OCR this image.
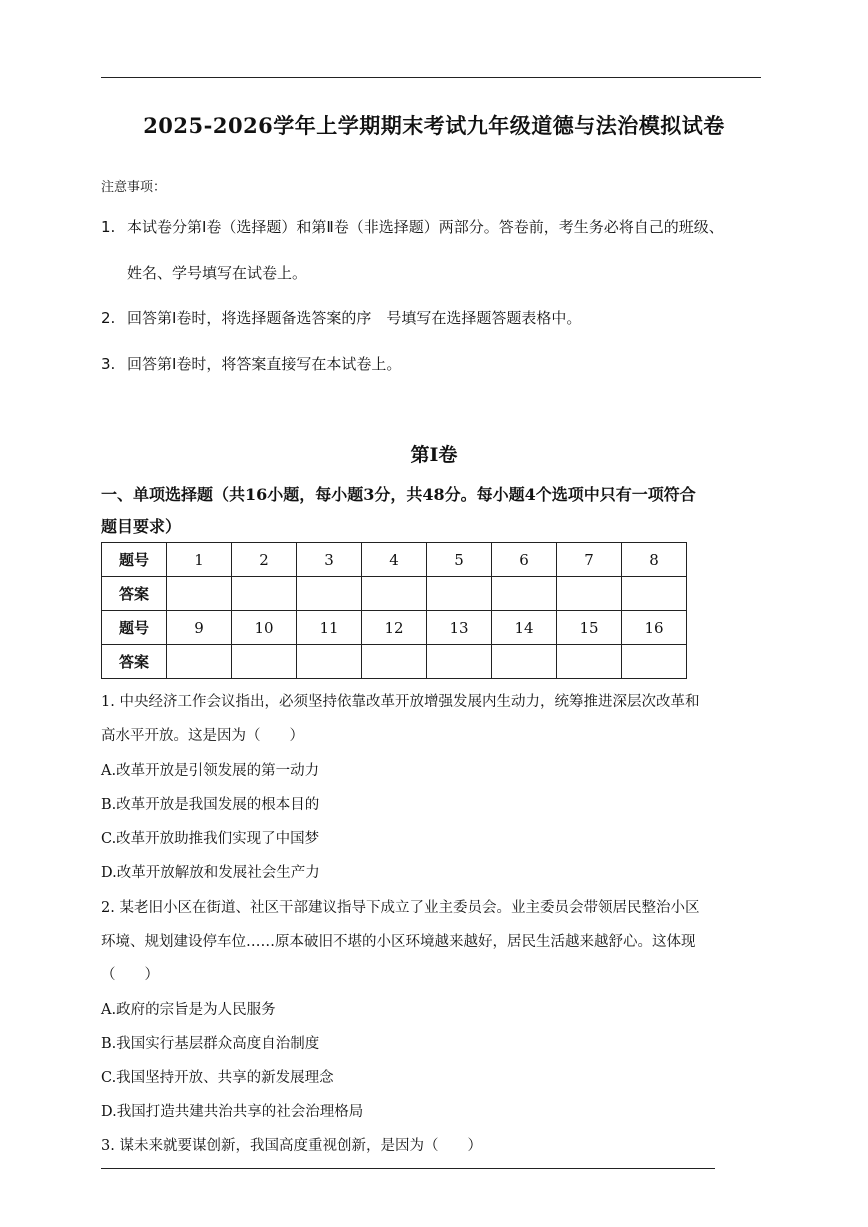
2025-2026学年上学期期末考试九年级道德与法治模拟试卷
注意事项：
1. 本试卷分第Ⅰ卷（选择题）和第Ⅱ卷（非选择题）两部分。答卷前，考生务必将自己的班级、
姓名、学号填写在试卷上。
2. 回答第Ⅰ卷时，将选择题备选答案的序　号填写在选择题答题表格中。
3. 回答第Ⅰ卷时，将答案直接写在本试卷上。
第Ⅰ卷
一、单项选择题（共16小题，每小题3分，共48分。每小题4个选项中只有一项符合
题目要求）
题号	1	2	3	4	5	6	7	8
答案								
题号	9	10	11	12	13	14	15	16
答案								
1. 中央经济工作会议指出，必须坚持依靠改革开放增强发展内生动力，统筹推进深层次改革和
高水平开放。这是因为（　　）
A.改革开放是引领发展的第一动力
B.改革开放是我国发展的根本目的
C.改革开放助推我们实现了中国梦
D.改革开放解放和发展社会生产力
2. 某老旧小区在街道、社区干部建议指导下成立了业主委员会。业主委员会带领居民整治小区
环境、规划建设停车位……原本破旧不堪的小区环境越来越好，居民生活越来越舒心。这体现
（　　）
A.政府的宗旨是为人民服务
B.我国实行基层群众高度自治制度
C.我国坚持开放、共享的新发展理念
D.我国打造共建共治共享的社会治理格局
3. 谋未来就要谋创新，我国高度重视创新，是因为（　　）
